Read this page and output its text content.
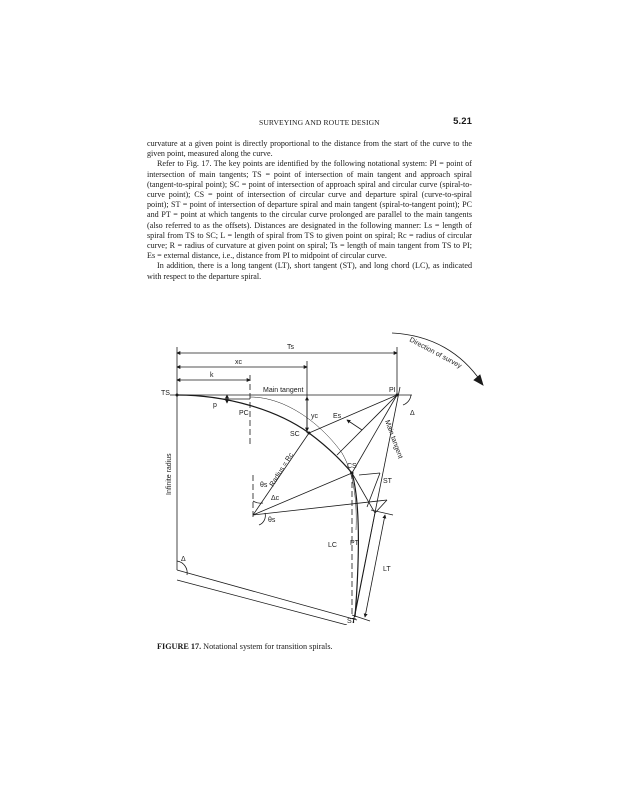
SURVEYING AND ROUTE DESIGN	5.21

curvature at a given point is directly proportional to the distance from the start of the curve to the given point, measured along the curve.

Refer to Fig. 17. The key points are identified by the following notational system: PI = point of intersection of main tangents; TS = point of intersection of main tangent and approach spiral (tangent-to-spiral point); SC = point of intersection of approach spiral and circular curve (spiral-to-curve point); CS = point of intersection of circular curve and departure spiral (curve-to-spiral point); ST = point of intersection of departure spiral and main tangent (spiral-to-tangent point); PC and PT = point at which tangents to the circular curve prolonged are parallel to the main tangents (also referred to as the offsets). Distances are designated in the following manner: Ls = length of spiral from TS to SC; L = length of spiral from TS to given point on spiral; Rc = radius of circular curve; R = radius of curvature at given point on spiral; Ts = length of main tangent from TS to PI; Es = external distance, i.e., distance from PI to midpoint of circular curve.

In addition, there is a long tangent (LT), short tangent (ST), and long chord (LC), as indicated with respect to the departure spiral.

Ts
xc
k
TS	PI
Main tangent
p
PC	yc Es
SC
CS
Radius = Rc
θs
Δc
θs
ST
LC PT
LT
ST
Infinite radius
Δ
Δ
Main tangent
Direction of survey
FIGURE 17. Notational system for transition spirals.
